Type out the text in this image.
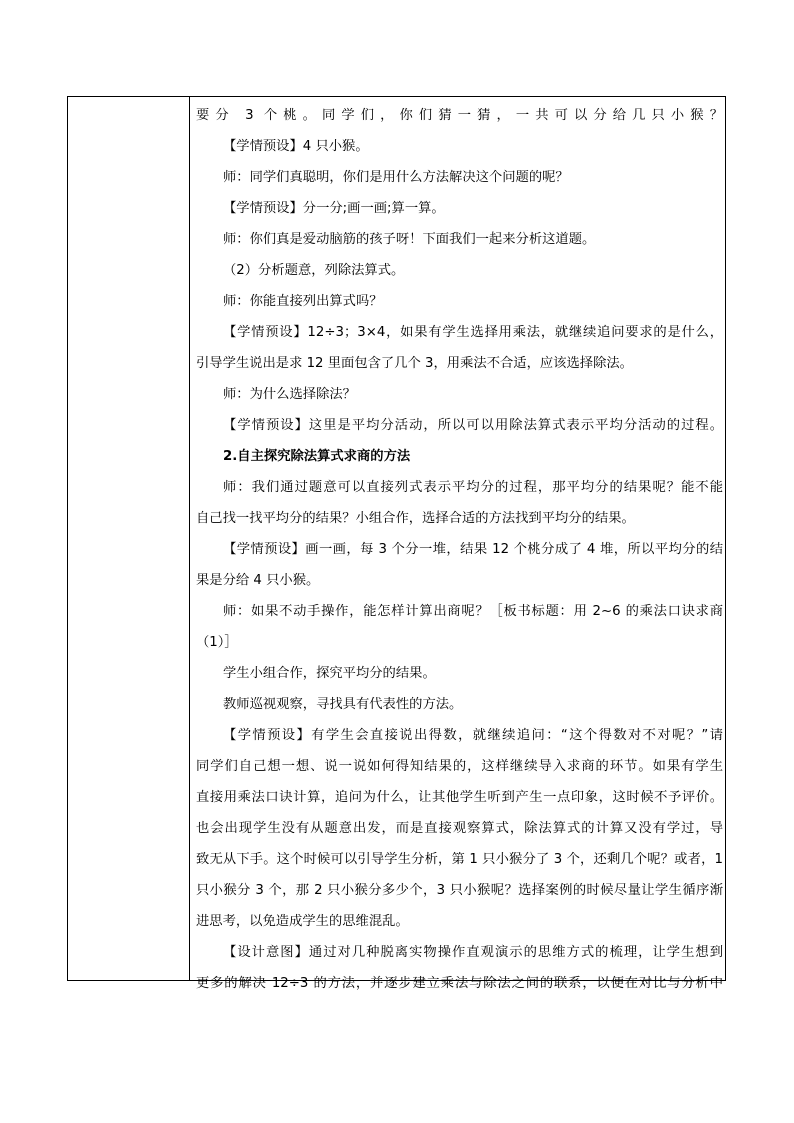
要分 3 个桃。同学们，你们猜一猜，一共可以分给几只小猴？
【学情预设】4 只小猴。
师：同学们真聪明，你们是用什么方法解决这个问题的呢？
【学情预设】分一分;画一画;算一算。
师：你们真是爱动脑筋的孩子呀！下面我们一起来分析这道题。
（2）分析题意，列除法算式。
师：你能直接列出算式吗？
【学情预设】12÷3；3×4，如果有学生选择用乘法，就继续追问要求的是什么，
引导学生说出是求 12 里面包含了几个 3，用乘法不合适，应该选择除法。
师：为什么选择除法？
【学情预设】这里是平均分活动，所以可以用除法算式表示平均分活动的过程。
2.自主探究除法算式求商的方法
师：我们通过题意可以直接列式表示平均分的过程，那平均分的结果呢？能不能
自己找一找平均分的结果？小组合作，选择合适的方法找到平均分的结果。
【学情预设】画一画，每 3 个分一堆，结果 12 个桃分成了 4 堆，所以平均分的结
果是分给 4 只小猴。
师：如果不动手操作，能怎样计算出商呢？［板书标题：用 2~6 的乘法口诀求商
（1）］
学生小组合作，探究平均分的结果。
教师巡视观察，寻找具有代表性的方法。
【学情预设】有学生会直接说出得数，就继续追问：“这个得数对不对呢？”请
同学们自己想一想、说一说如何得知结果的，这样继续导入求商的环节。如果有学生
直接用乘法口诀计算，追问为什么，让其他学生听到产生一点印象，这时候不予评价。
也会出现学生没有从题意出发，而是直接观察算式，除法算式的计算又没有学过，导
致无从下手。这个时候可以引导学生分析，第 1 只小猴分了 3 个，还剩几个呢？或者，1
只小猴分 3 个，那 2 只小猴分多少个，3 只小猴呢？选择案例的时候尽量让学生循序渐
进思考，以免造成学生的思维混乱。
【设计意图】通过对几种脱离实物操作直观演示的思维方式的梳理，让学生想到
更多的解决 12÷3 的方法，并逐步建立乘法与除法之间的联系，以便在对比与分析中
